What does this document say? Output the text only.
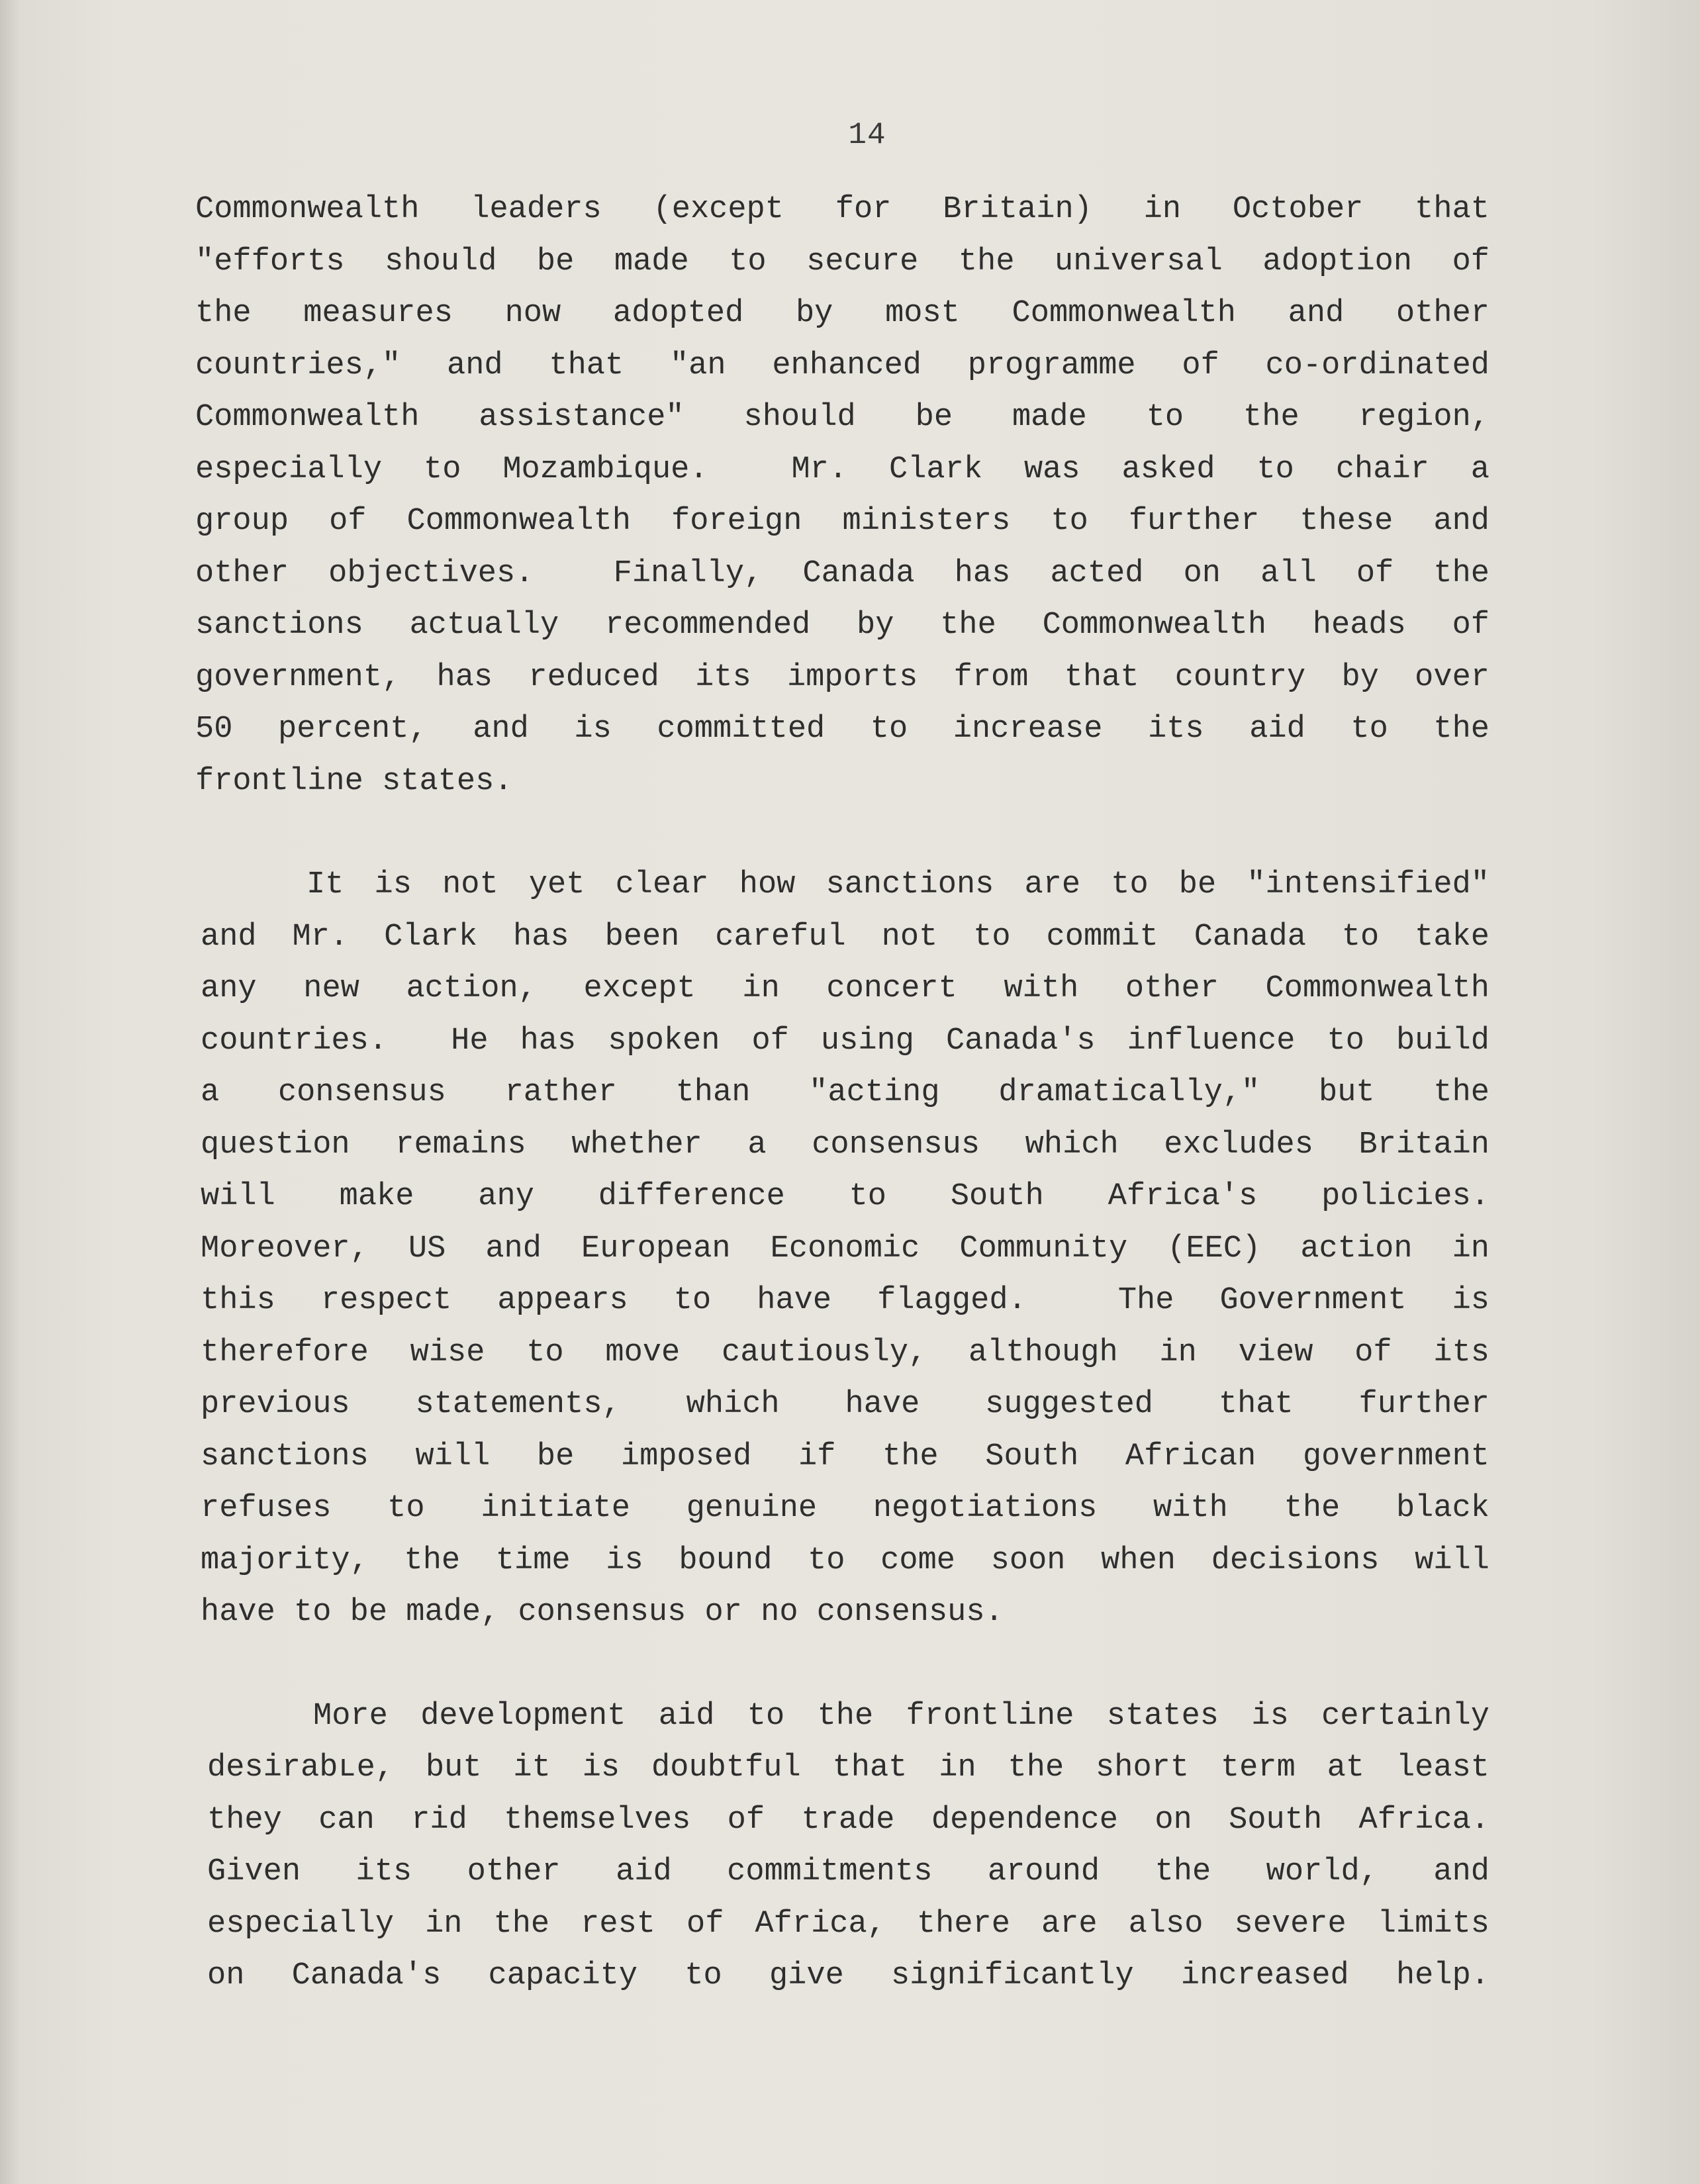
14
Commonwealth leaders (except for Britain) in October that
"efforts should be made to secure the universal adoption of
the measures now adopted by most Commonwealth and other
countries," and that "an enhanced programme of co-ordinated
Commonwealth assistance" should be made to the region,
especially to Mozambique.  Mr. Clark was asked to chair a
group of Commonwealth foreign ministers to further these and
other objectives.  Finally, Canada has acted on all of the
sanctions actually recommended by the Commonwealth heads of
government, has reduced its imports from that country by over
50 percent, and is committed to increase its aid to the
frontline states.
It is not yet clear how sanctions are to be "intensified"
and Mr. Clark has been careful not to commit Canada to take
any new action, except in concert with other Commonwealth
countries.  He has spoken of using Canada's influence to build
a consensus rather than "acting dramatically," but the
question remains whether a consensus which excludes Britain
will make any difference to South Africa's policies.
Moreover, US and European Economic Community (EEC) action in
this respect appears to have flagged.  The Government is
therefore wise to move cautiously, although in view of its
previous statements, which have suggested that further
sanctions will be imposed if the South African government
refuses to initiate genuine negotiations with the black
majority, the time is bound to come soon when decisions will
have to be made, consensus or no consensus.
More development aid to the frontline states is certainly
desirabʟe, but it is doubtful that in the short term at least
they can rid themselves of trade dependence on South Africa.
Given its other aid commitments around the world, and
especially in the rest of Africa, there are also severe limits
on Canada's capacity to give significantly increased help.
